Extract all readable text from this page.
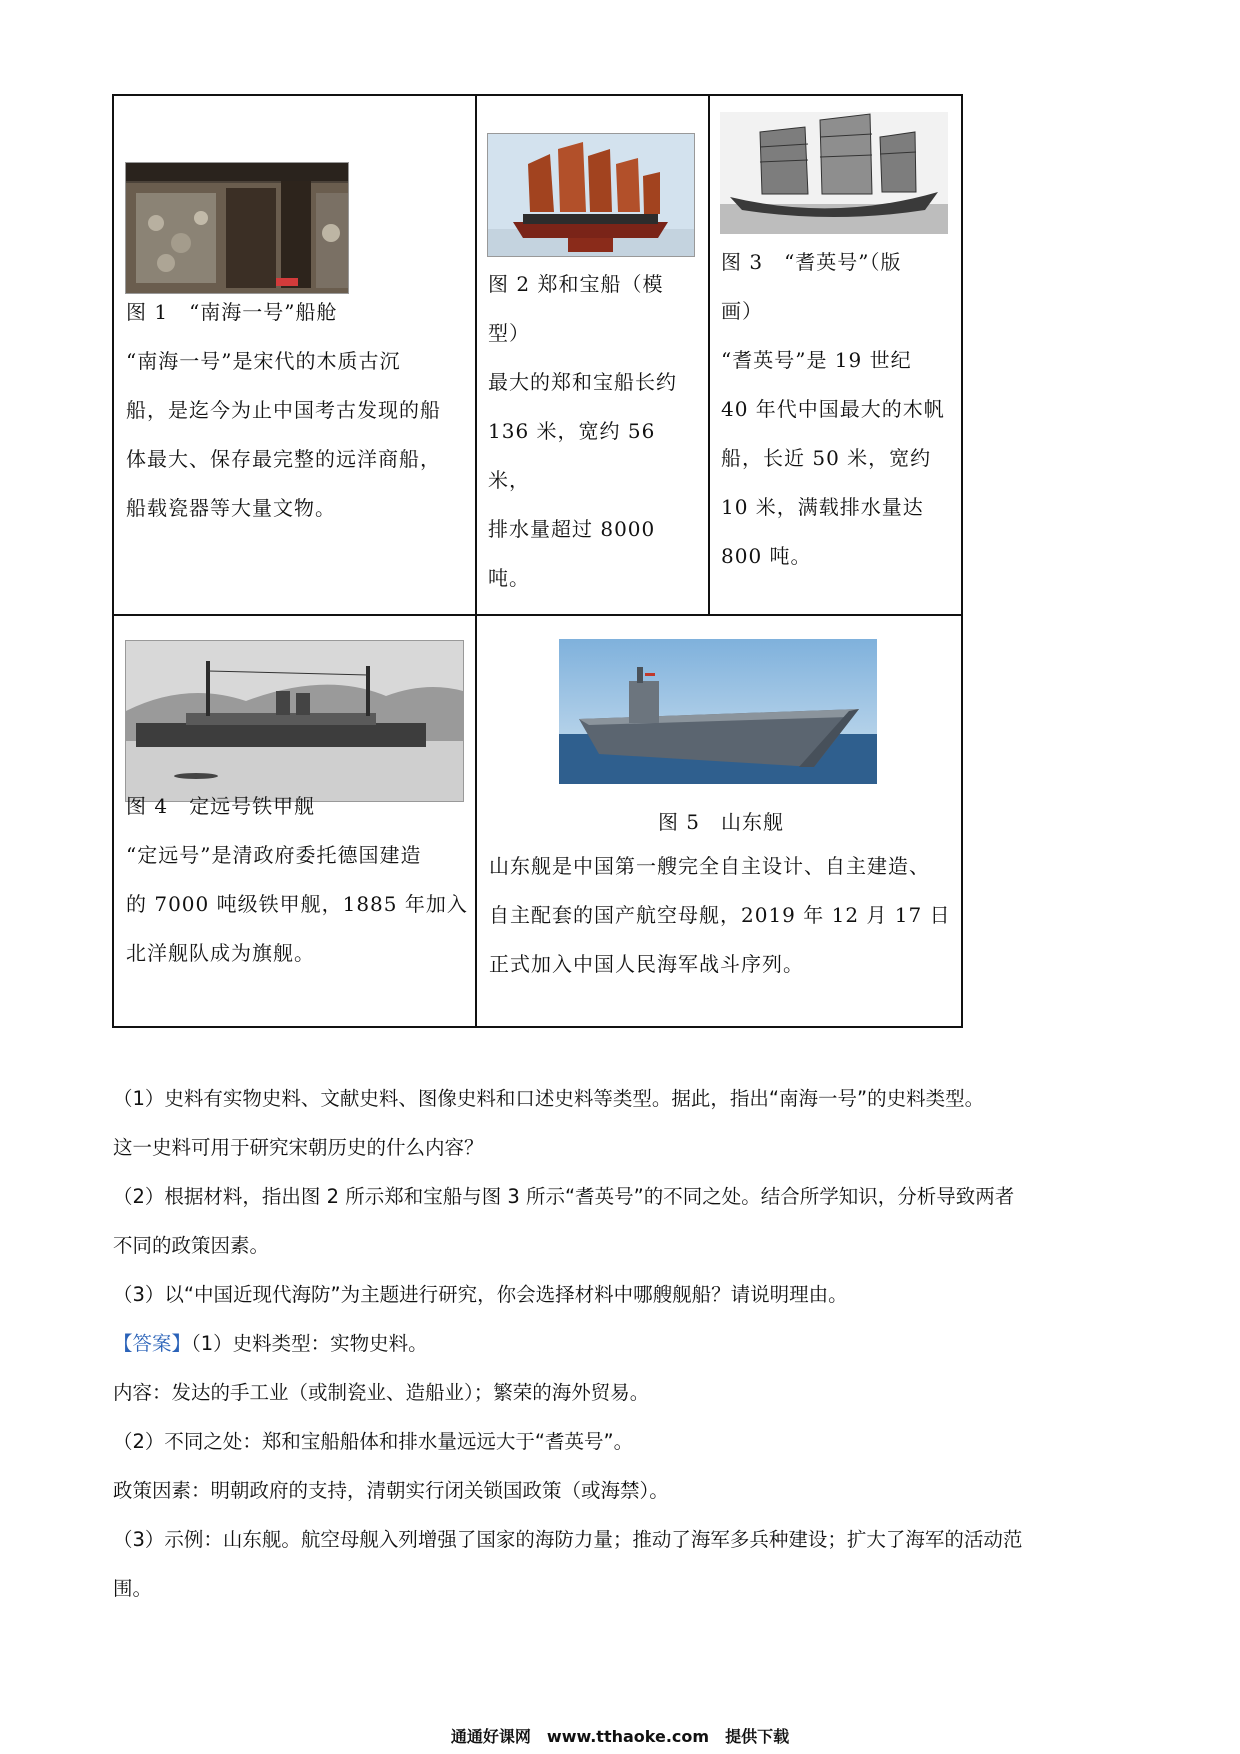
图 1　“南海一号”船舱

“南海一号”是宋代的木质古沉

船，是迄今为止中国考古发现的船

体最大、保存最完整的远洋商船，

船载瓷器等大量文物。

图 2 郑和宝船（模

型）

最大的郑和宝船长约

136 米，宽约 56 米，

排水量超过 8000

吨。

图 3　“耆英号”（版

画）

“耆英号”是 19 世纪

40 年代中国最大的木帆

船，长近 50 米，宽约

10 米，满载排水量达

800 吨。

图 4　定远号铁甲舰

“定远号”是清政府委托德国建造

的 7000 吨级铁甲舰，1885 年加入

北洋舰队成为旗舰。

图 5　山东舰

山东舰是中国第一艘完全自主设计、自主建造、

自主配套的国产航空母舰，2019 年 12 月 17 日

正式加入中国人民海军战斗序列。

（1）史料有实物史料、文献史料、图像史料和口述史料等类型。据此，指出“南海一号”的史料类型。

这一史料可用于研究宋朝历史的什么内容？

（2）根据材料，指出图 2 所示郑和宝船与图 3 所示“耆英号”的不同之处。结合所学知识，分析导致两者

不同的政策因素。

（3）以“中国近现代海防”为主题进行研究，你会选择材料中哪艘舰船？请说明理由。

【答案】（1）史料类型：实物史料。

内容：发达的手工业（或制瓷业、造船业）；繁荣的海外贸易。

（2）不同之处：郑和宝船船体和排水量远远大于“耆英号”。

政策因素：明朝政府的支持，清朝实行闭关锁国政策（或海禁）。

（3）示例：山东舰。航空母舰入列增强了国家的海防力量；推动了海军多兵种建设；扩大了海军的活动范

围。

通通好课网　www.tthaoke.com　提供下载
